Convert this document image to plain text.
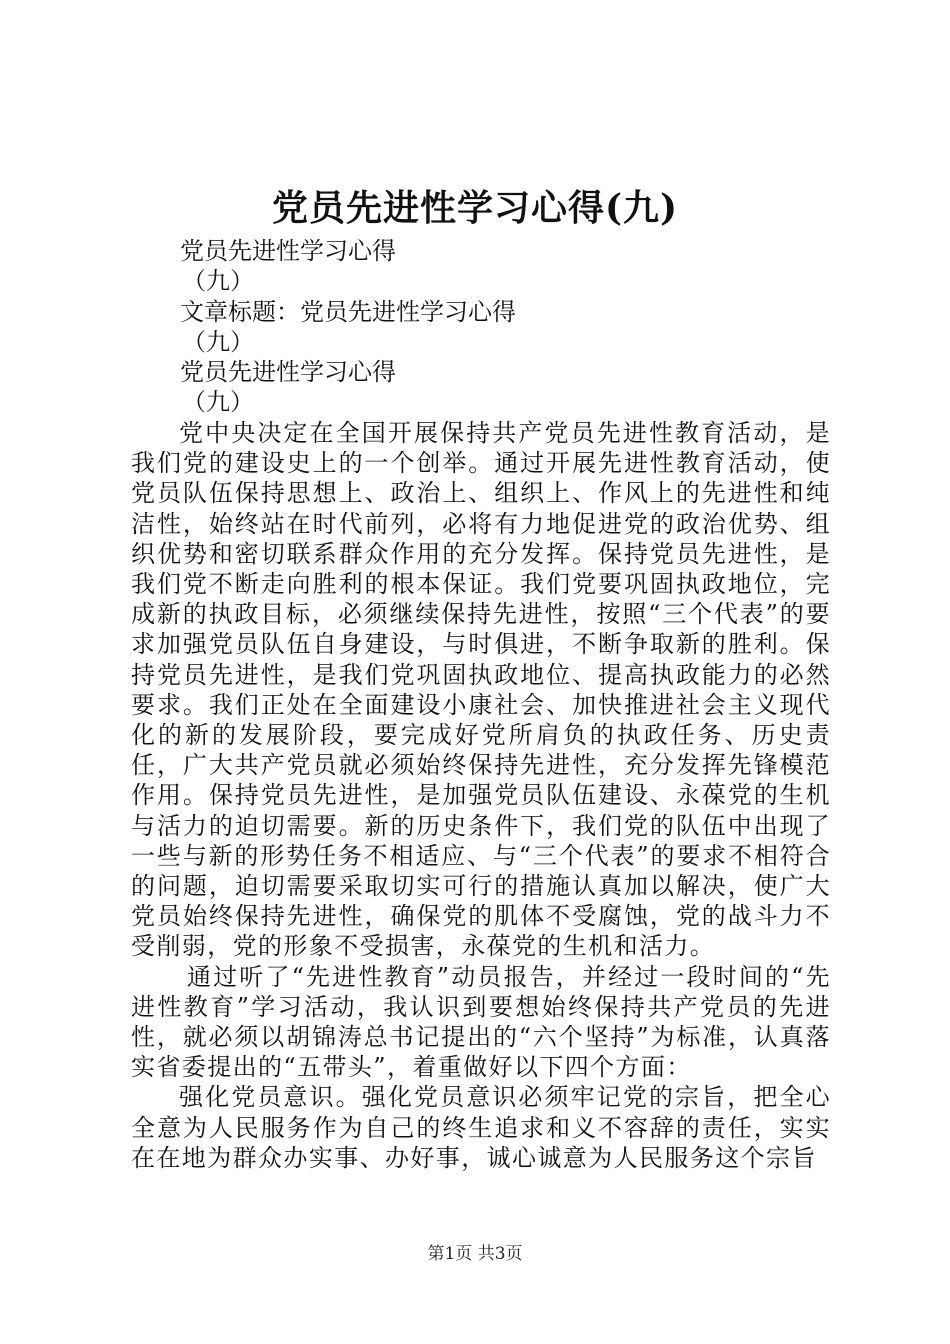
党员先进性学习心得(九)
党员先进性学习心得
（九）
文章标题：党员先进性学习心得
（九）
党员先进性学习心得
（九）

党中央决定在全国开展保持共产党员先进性教育活动，是我们党的建设史上的一个创举。通过开展先进性教育活动，使党员队伍保持思想上、政治上、组织上、作风上的先进性和纯洁性，始终站在时代前列，必将有力地促进党的政治优势、组织优势和密切联系群众作用的充分发挥。保持党员先进性，是我们党不断走向胜利的根本保证。我们党要巩固执政地位，完成新的执政目标，必须继续保持先进性，按照“三个代表”的要求加强党员队伍自身建设，与时俱进，不断争取新的胜利。保持党员先进性，是我们党巩固执政地位、提高执政能力的必然要求。我们正处在全面建设小康社会、加快推进社会主义现代化的新的发展阶段，要完成好党所肩负的执政任务、历史责任，广大共产党员就必须始终保持先进性，充分发挥先锋模范作用。保持党员先进性，是加强党员队伍建设、永葆党的生机与活力的迫切需要。新的历史条件下，我们党的队伍中出现了一些与新的形势任务不相适应、与“三个代表”的要求不相符合的问题，迫切需要采取切实可行的措施认真加以解决，使广大党员始终保持先进性，确保党的肌体不受腐蚀，党的战斗力不受削弱，党的形象不受损害，永葆党的生机和活力。

通过听了“先进性教育”动员报告，并经过一段时间的“先进性教育”学习活动，我认识到要想始终保持共产党员的先进性，就必须以胡锦涛总书记提出的“六个坚持”为标准，认真落实省委提出的“五带头”，着重做好以下四个方面：

强化党员意识。强化党员意识必须牢记党的宗旨，把全心全意为人民服务作为自己的终生追求和义不容辞的责任，实实在在地为群众办实事、办好事，诚心诚意为人民服务这个宗旨

第1页 共3页
